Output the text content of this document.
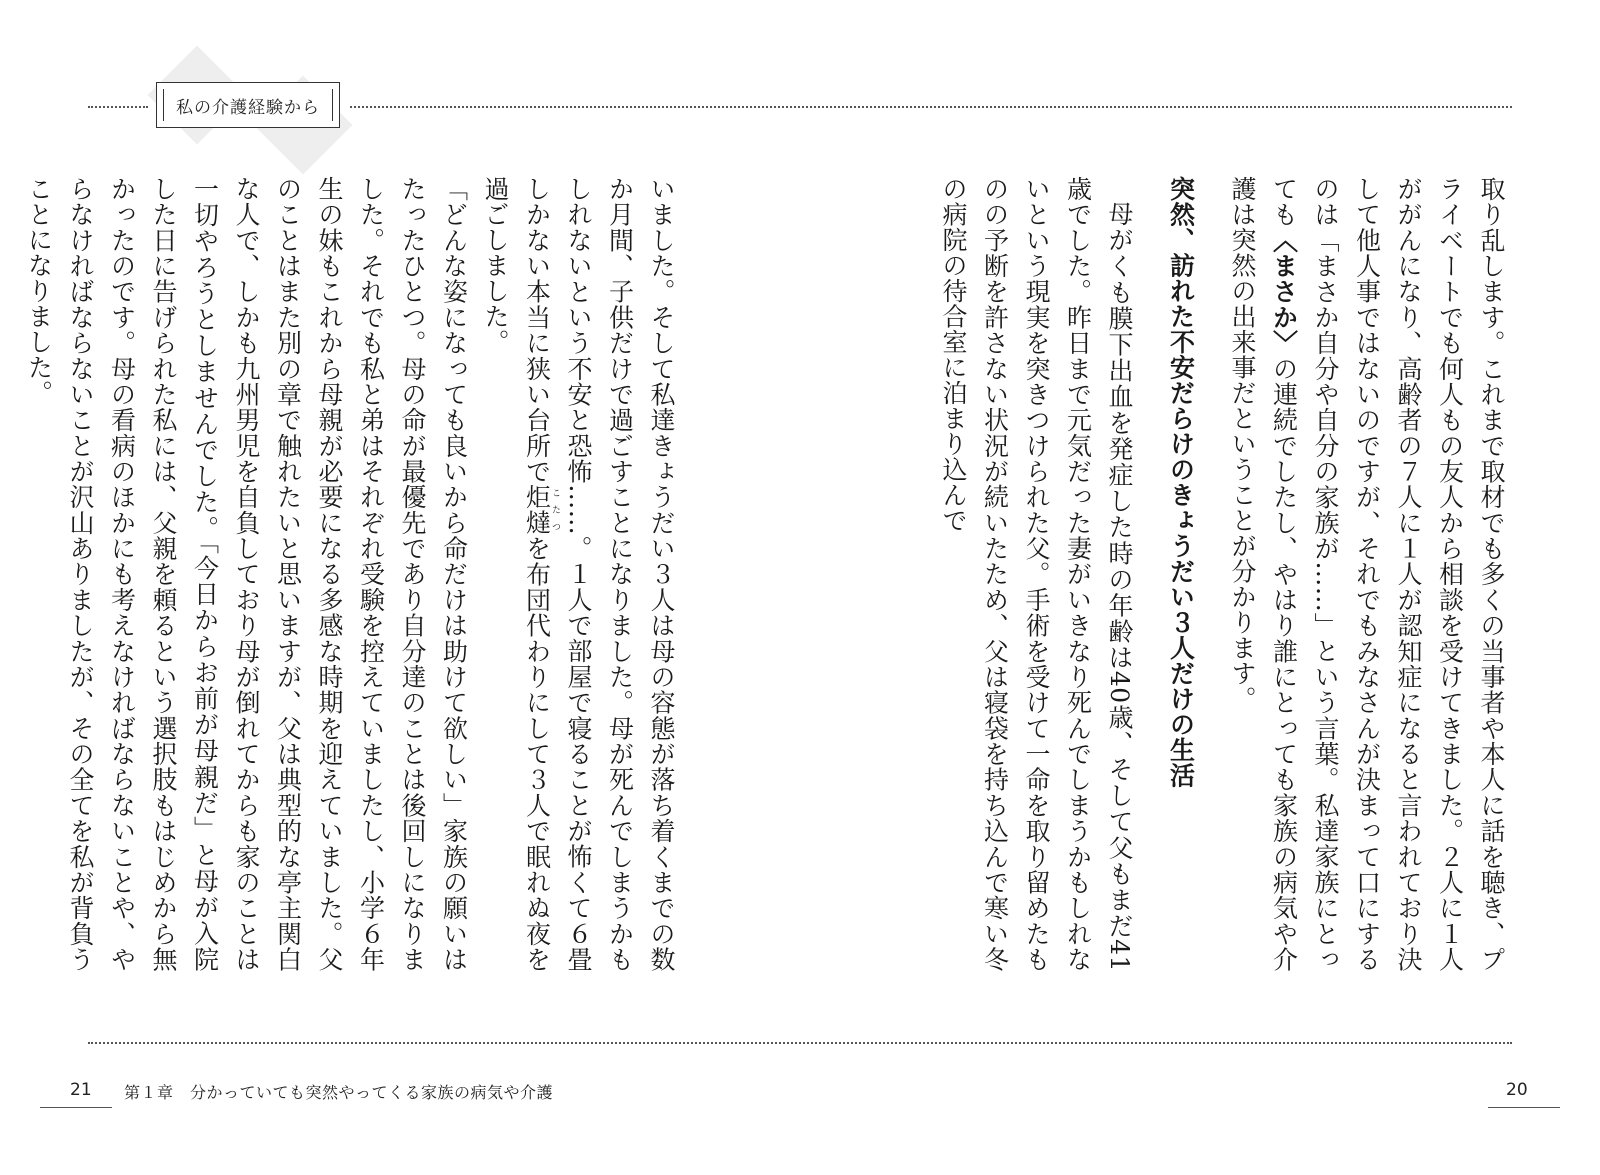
私の介護経験から

取り乱します。これまで取材でも多くの当事者や本人に話を聴き、プライベートでも何人もの友人から相談を受けてきました。２人に１人ががんになり、高齢者の７人に１人が認知症になると言われており決して他人事ではないのですが、それでもみなさんが決まって口にするのは「まさか自分や自分の家族が……」という言葉。私達家族にとっても〈まさか〉の連続でしたし、やはり誰にとっても家族の病気や介護は突然の出来事だということが分かります。

突然、訪れた不安だらけのきょうだい３人だけの生活

母がくも膜下出血を発症した時の年齢は40歳、そして父もまだ41歳でした。昨日まで元気だった妻がいきなり死んでしまうかもしれないという現実を突きつけられた父。手術を受けて一命を取り留めたものの予断を許さない状況が続いたため、父は寝袋を持ち込んで寒い冬の病院の待合室に泊まり込んで

いました。そして私達きょうだい３人は母の容態が落ち着くまでの数か月間、子供だけで過ごすことになりました。母が死んでしまうかもしれないという不安と恐怖……。１人で部屋で寝ることが怖くて６畳しかない本当に狭い台所で炬燵こたつを布団代わりにして３人で眠れぬ夜を過ごしました。

「どんな姿になっても良いから命だけは助けて欲しい」家族の願いはたったひとつ。母の命が最優先であり自分達のことは後回しになりました。それでも私と弟はそれぞれ受験を控えていましたし、小学６年生の妹もこれから母親が必要になる多感な時期を迎えていました。父のことはまた別の章で触れたいと思いますが、父は典型的な亭主関白な人で、しかも九州男児を自負しており母が倒れてからも家のことは一切やろうとしませんでした。「今日からお前が母親だ」と母が入院した日に告げられた私には、父親を頼るという選択肢もはじめから無かったのです。母の看病のほかにも考えなければならないことや、やらなければならないことが沢山ありましたが、その全てを私が背負うことになりました。

21 第１章　分かっていても突然やってくる家族の病気や介護	20
